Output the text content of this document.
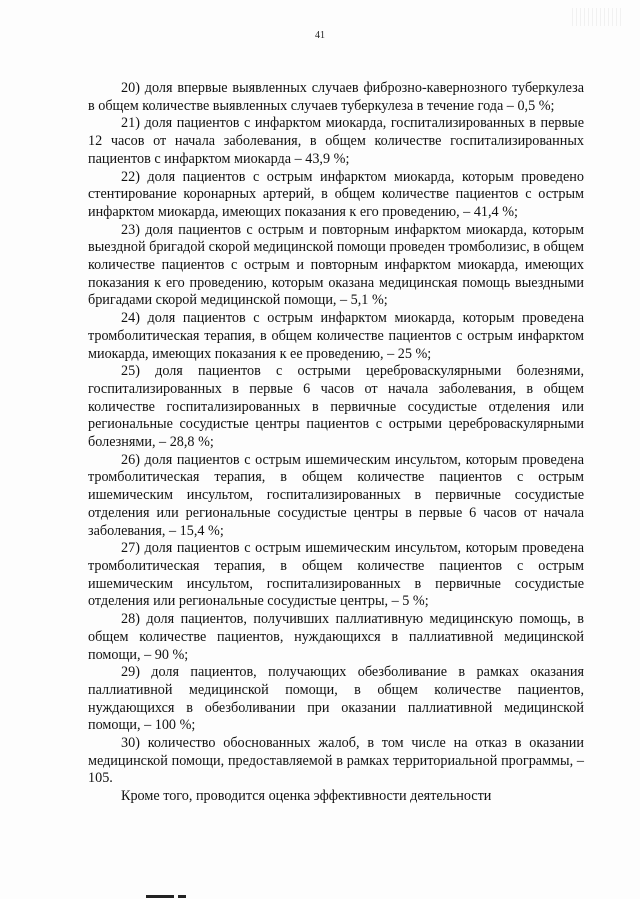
41

20) доля впервые выявленных случаев фиброзно-кавернозного туберкулеза в общем количестве выявленных случаев туберкулеза в течение года – 0,5 %;

21) доля пациентов с инфарктом миокарда, госпитализированных в первые 12 часов от начала заболевания, в общем количестве госпитализированных пациентов с инфарктом миокарда – 43,9 %;

22) доля пациентов с острым инфарктом миокарда, которым проведено стентирование коронарных артерий, в общем количестве пациентов с острым инфарктом миокарда, имеющих показания к его проведению, – 41,4 %;

23) доля пациентов с острым и повторным инфарктом миокарда, которым выездной бригадой скорой медицинской помощи проведен тромболизис, в общем количестве пациентов с острым и повторным инфарктом миокарда, имеющих показания к его проведению, которым оказана медицинская помощь выездными бригадами скорой медицинской помощи, – 5,1 %;

24) доля пациентов с острым инфарктом миокарда, которым проведена тромболитическая терапия, в общем количестве пациентов с острым инфарктом миокарда, имеющих показания к ее проведению, – 25 %;

25) доля пациентов с острыми цереброваскулярными болезнями, госпитализированных в первые 6 часов от начала заболевания, в общем количестве госпитализированных в первичные сосудистые отделения или региональные сосудистые центры пациентов с острыми цереброваскулярными болезнями, – 28,8 %;

26) доля пациентов с острым ишемическим инсультом, которым проведена тромболитическая терапия, в общем количестве пациентов с острым ишемическим инсультом, госпитализированных в первичные сосудистые отделения или региональные сосудистые центры в первые 6 часов от начала заболевания, – 15,4 %;

27) доля пациентов с острым ишемическим инсультом, которым проведена тромболитическая терапия, в общем количестве пациентов с острым ишемическим инсультом, госпитализированных в первичные сосудистые отделения или региональные сосудистые центры, – 5 %;

28) доля пациентов, получивших паллиативную медицинскую помощь, в общем количестве пациентов, нуждающихся в паллиативной медицинской помощи, – 90 %;

29) доля пациентов, получающих обезболивание в рамках оказания паллиативной медицинской помощи, в общем количестве пациентов, нуждающихся в обезболивании при оказании паллиативной медицинской помощи, – 100 %;

30) количество обоснованных жалоб, в том числе на отказ в оказании медицинской помощи, предоставляемой в рамках территориальной программы, – 105.

Кроме того, проводится оценка эффективности деятельности
